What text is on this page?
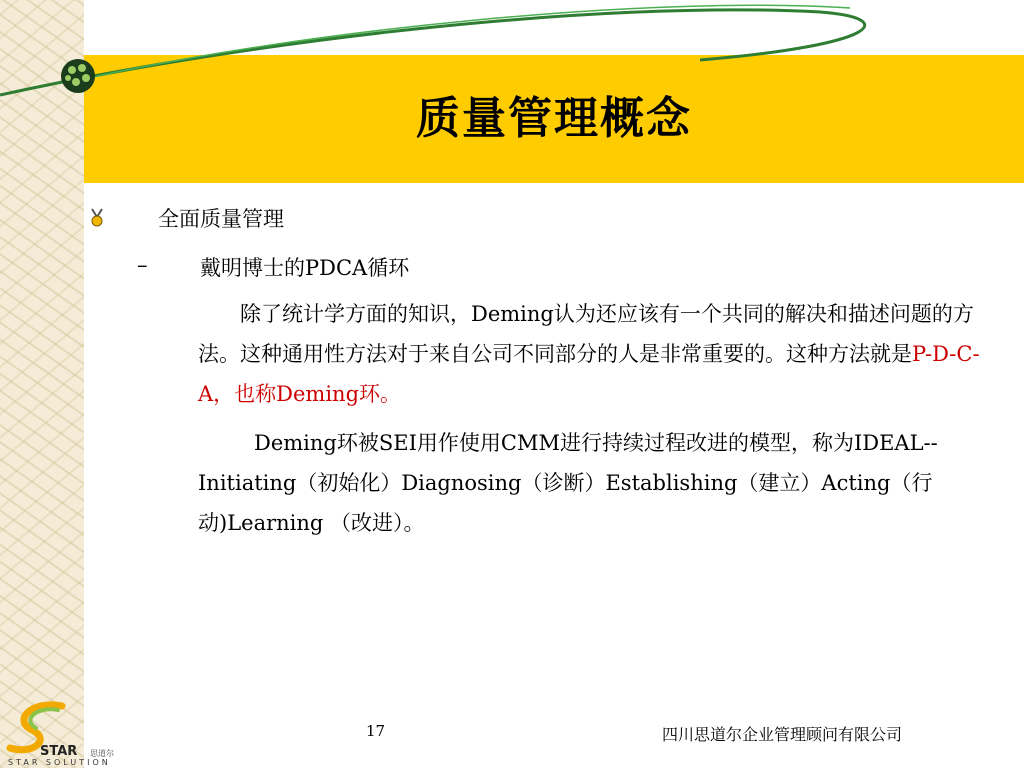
质量管理概念
全面质量管理
–	戴明博士的PDCA循环
除了统计学方面的知识，Deming认为还应该有一个共同的解决和描述问题的方法。这种通用性方法对于来自公司不同部分的人是非常重要的。这种方法就是P-D-C-A，也称Deming环。
Deming环被SEI用作使用CMM进行持续过程改进的模型，称为IDEAL--Initiating（初始化）Diagnosing（诊断）Establishing（建立）Acting（行动)Learning （改进）。
17	四川思道尔企业管理顾问有限公司
STAR 思道尔
STAR SOLUTION
